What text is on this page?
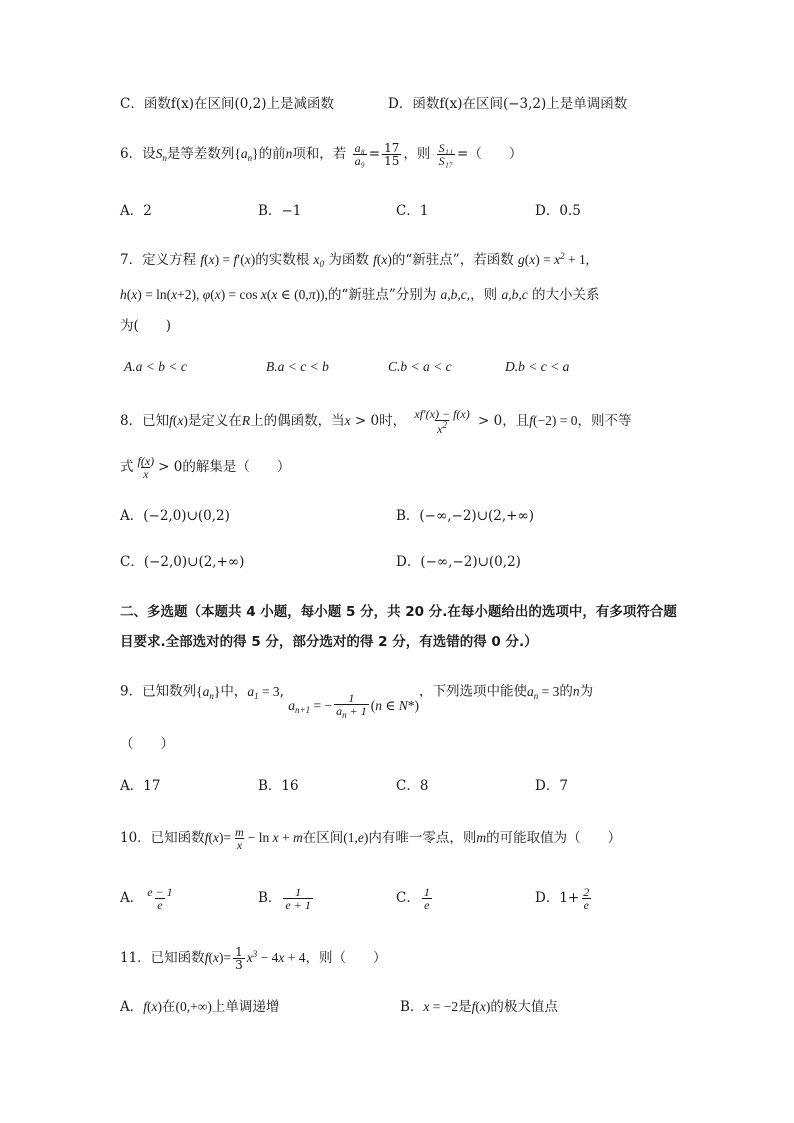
C．函数f(x)在区间(0,2)上是减函数	D．函数f(x)在区间(−3,2)上是单调函数
6．设$S_n$是等差数列$\{a_n\}$的前n项和，若 $\frac{\text{a₈}}{\text{a₉}} = \frac{17}{15}$ ，则 $\frac{\text{S₁₁}}{\text{S₁₇}}$ =（　　）
A．2	B．−1	C．1	D．0.5
7．定义方程 f(x) = f′(x)的实数根 $x_0$ 为函数 f(x)的“新驻点”，若函数 $g(x) = x^2 + 1$,
h(x) = ln(x+2), φ(x) = cos x(x ∈ (0,π)),的“新驻点”分别为 a,b,c,，则 a,b,c 的大小关系
为(　　)
A.a < b < c	B.a < c < b	C.b < a < c	D.b < c < a
8．已知f(x)是定义在R上的偶函数，当x > 0时， $\frac{xf'(x) - f(x)}{x^2} > 0$，且f(−2) = 0，则不等
式 $\frac{f(x)}{x} > 0$的解集是（　　）
A．(−2,0)∪(0,2)	B．(−∞,−2)∪(2,+∞)
C．(−2,0)∪(2,+∞)	D．(−∞,−2)∪(0,2)
二、多选题（本题共 4 小题，每小题 5 分，共 20 分.在每小题给出的选项中，有多项符合题
目要求.全部选对的得 5 分，部分选对的得 2 分，有选错的得 0 分.）
9．已知数列$\{a_n\}$中，$a_1 = 3$, $a_{n+1}$ = − $\frac{1}{a_n + 1} (n$ ∈ N*)，下列选项中能使$a_n = 3$的n为
（　　）
A．17	B．16	C．8	D．7
10．已知函数$f(x)= \frac{m}{x} - \ln x + m$在区间(1,e)内有唯一零点，则m的可能取值为（　　）
A． $\frac{e - 1}{e}$	B． $\frac{1}{e + 1}$	C． $\frac{1}{e}$	D．$1+ \frac{2}{e}$
11．已知函数$f(x)= \frac{1}{3} x^3 - 4x + 4$，则（　　）
A．f(x)在(0,+∞)上单调递增	B．x = −2是f(x)的极大值点
